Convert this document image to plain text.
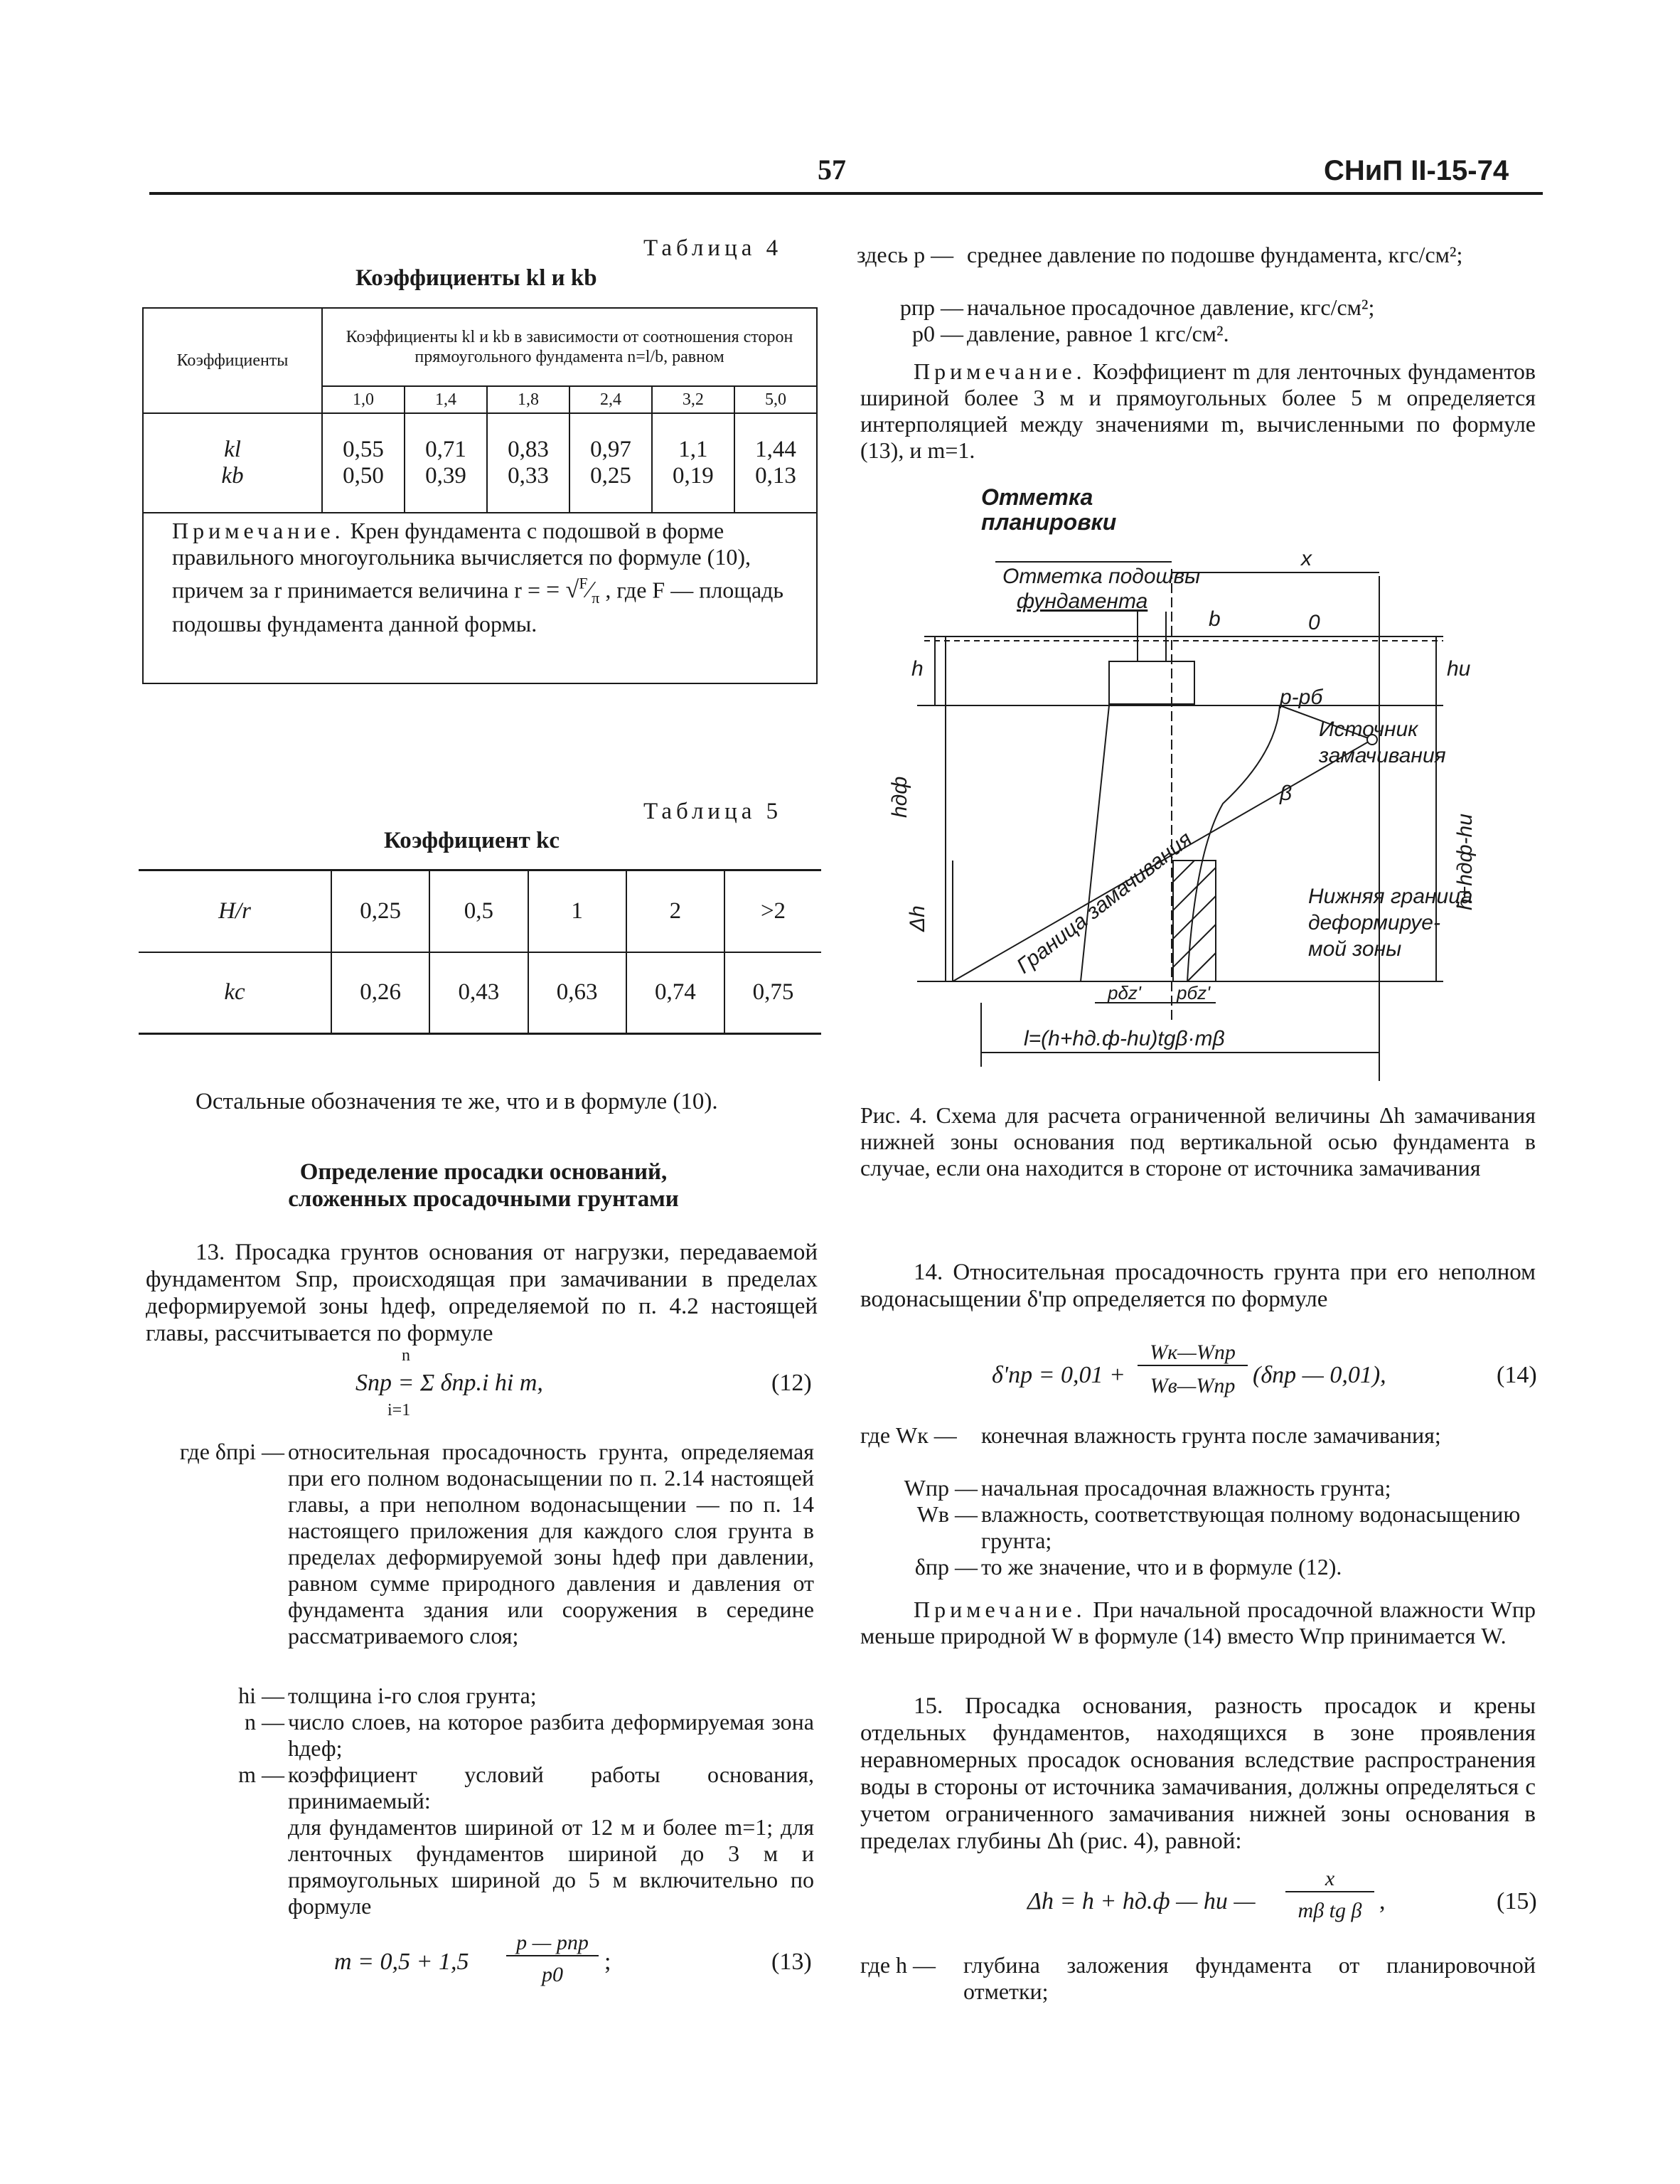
57	СНиП II-15-74
Таблица 4
Коэффициенты kl и kb
Коэффициенты	Коэффициенты kl и kb в зависимости от соотношения сторон прямоугольного фундамента n=l/b, равном					
	1,0	1,4	1,8	2,4	3,2	5,0
kl	0,55	0,71	0,83	0,97	1,1	1,44
kb	0,50	0,39	0,33	0,25	0,19	0,13

Примечание. Крен фундамента с подошвой в форме правильного многоугольника вычисляется по формуле (10), причем за r принимается величина r = = $√^F⁄_\pi$ , где F — площадь подошвы фундамента данной формы.						
Таблица 5
Коэффициент kc
H/r	0,25	0,5	1	2	>2
kc	0,26	0,43	0,63	0,74	0,75

Остальные обозначения те же, что и в формуле (10).

Определение просадки оснований,
сложенных просадочными грунтами

13. Просадка грунтов основания от нагрузки, передаваемой фундаментом Sпр, происходящая при замачивании в пределах деформируемой зоны hдеф, определяемой по п. 4.2 настоящей главы, рассчитывается по формуле

n
Sпр = Σ δпр.i hi m,
i=1
(12)
где δпрi — относительная просадочность грунта, определяемая при его полном водонасыщении по п. 2.14 настоящей главы, а при неполном водонасыщении — по п. 14 настоящего приложения для каждого слоя грунта в пределах деформируемой зоны hдеф при давлении, равном сумме природного давления и давления от фундамента здания или сооружения в середине рассматриваемого слоя;
hi — толщина i-го слоя грунта;
n — число слоев, на которое разбита деформируемая зона hдеф;
m — коэффициент условий работы основания, принимаемый:

для фундаментов шириной от 12 м и более m=1; для ленточных фундаментов шириной до 3 м и прямоугольных шириной до 5 м включительно по формуле

m = 0,5 + 1,5
p — pпр
p0	;	(13)
здесь p — среднее давление по подошве фундамента, кгс/см²;
pпр — начальное просадочное давление, кгс/см²;
p0 — давление, равное 1 кгс/см².

Примечание. Коэффициент m для ленточных фундаментов шириной более 3 м и прямоугольных более 5 м определяется интерполяцией между значениями m, вычисленными по формуле (13), и m=1.

Отметка
планировки
Отметка подошвы
фундамента
x
b	0
h
p-pб
Источник
замачивания
hu
β
Граница замачивания
hдф
Δh
h+hдф-hu
Нижняя граница
деформируе-
мой зоны
pδz' pбz'
l=(h+hд.ф-hu)tgβ·mβ

Рис. 4. Схема для расчета ограниченной величины Δh замачивания нижней зоны основания под вертикальной осью фундамента в случае, если она находится в стороне от источника замачивания

14. Относительная просадочность грунта при его неполном водонасыщении δ'пр определяется по формуле

δ'пр = 0,01 +
Wк—Wпр
Wв—Wпр (δпр — 0,01),	(14)
где Wк —	конечная влажность грунта после замачивания;
Wпр — начальная просадочная влажность грунта;
Wв — влажность, соответствующая полному водонасыщению грунта;
δпр — то же значение, что и в формуле (12).

Примечание. При начальной просадочной влажности Wпр меньше природной W в формуле (14) вместо Wпр принимается W.

15. Просадка основания, разность просадок и крены отдельных фундаментов, находящихся в зоне проявления неравномерных просадок основания вследствие распространения воды в стороны от источника замачивания, должны определяться с учетом ограниченного замачивания нижней зоны основания в пределах глубины Δh (рис. 4), равной:

Δh = h + hд.ф — hи —
x
mβ tg β ,	(15)
где h —	глубина заложения фундамента от планировочной отметки;
